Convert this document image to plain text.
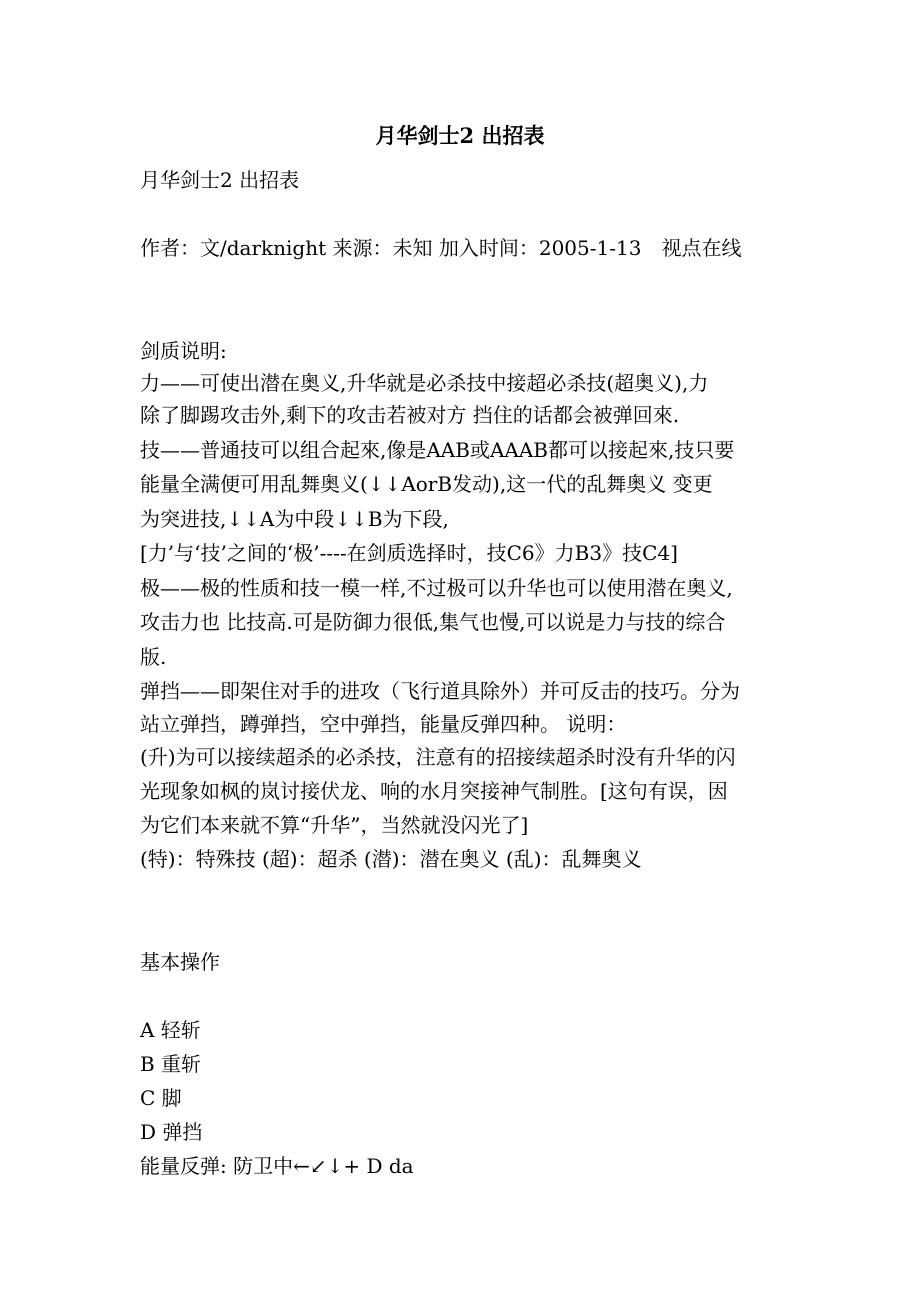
月华剑士2 出招表
月华剑士2 出招表
作者：文/darknight 来源：未知 加入时间：2005-1-13　视点在线
剑质说明:
力——可使出潜在奥义,升华就是必杀技中接超必杀技(超奥义),力
除了脚踢攻击外,剩下的攻击若被对方 挡住的话都会被弹回來.
技——普通技可以组合起來,像是AAB或AAAB都可以接起來,技只要
能量全满便可用乱舞奥义(↓↓AorB发动),这一代的乱舞奥义 变更
为突进技,↓↓A为中段↓↓B为下段,
[力’与‘技’之间的‘极’----在剑质选择时，技C6》力B3》技C4]
极——极的性质和技一模一样,不过极可以升华也可以使用潜在奥义,
攻击力也 比技高.可是防御力很低,集气也慢,可以说是力与技的综合
版.
弹挡——即架住对手的进攻（飞行道具除外）并可反击的技巧。分为
站立弹挡，蹲弹挡，空中弹挡，能量反弹四种。 说明：
(升)为可以接续超杀的必杀技，注意有的招接续超杀时没有升华的闪
光现象如枫的岚讨接伏龙、响的水月突接神气制胜。[这句有误，因
为它们本来就不算“升华”，当然就没闪光了]
(特)：特殊技 (超)：超杀 (潜)：潜在奥义 (乱)：乱舞奥义
基本操作
A 轻斩
B 重斩
C 脚
D 弹挡
能量反弹: 防卫中←↙↓+ D da
